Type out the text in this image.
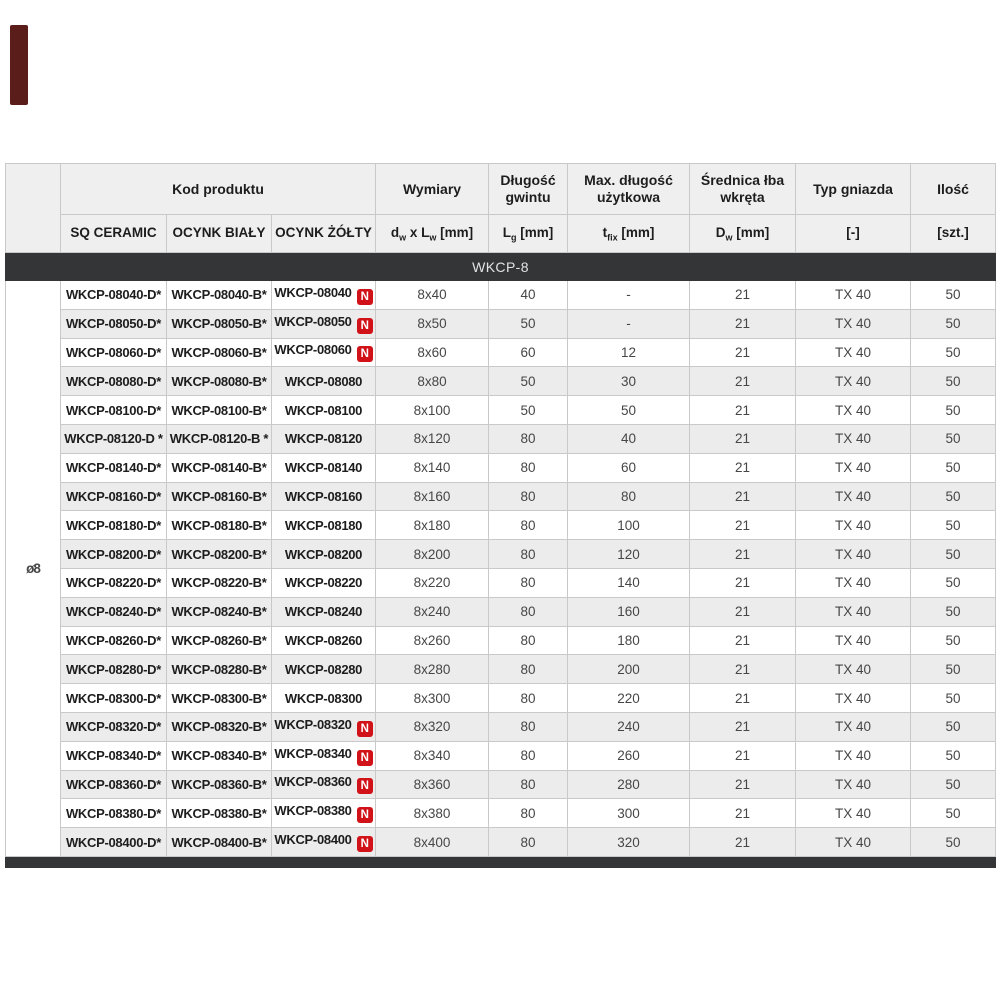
	Kod produktu			Wymiary	Długość gwintu	Max. długość użytkowa	Średnica łba wkręta	Typ gniazda	Ilość
	SQ CERAMIC	OCYNK BIAŁY	OCYNK ŻÓŁTY	$d_w$ x $L_w$ [mm]	$L_g$ [mm]	$t_{fix}$ [mm]	$D_w$ [mm]	[-]	[szt.]
WKCP-8									
ø8	WKCP-08040-D*	WKCP-08040-B*	WKCP-08040 N	8x40	40	-	21	TX 40	50
	WKCP-08050-D*	WKCP-08050-B*	WKCP-08050 N	8x50	50	-	21	TX 40	50
	WKCP-08060-D*	WKCP-08060-B*	WKCP-08060 N	8x60	60	12	21	TX 40	50
	WKCP-08080-D*	WKCP-08080-B*	WKCP-08080	8x80	50	30	21	TX 40	50
	WKCP-08100-D*	WKCP-08100-B*	WKCP-08100	8x100	50	50	21	TX 40	50
	WKCP-08120-D *	WKCP-08120-B *	WKCP-08120	8x120	80	40	21	TX 40	50
	WKCP-08140-D*	WKCP-08140-B*	WKCP-08140	8x140	80	60	21	TX 40	50
	WKCP-08160-D*	WKCP-08160-B*	WKCP-08160	8x160	80	80	21	TX 40	50
	WKCP-08180-D*	WKCP-08180-B*	WKCP-08180	8x180	80	100	21	TX 40	50
	WKCP-08200-D*	WKCP-08200-B*	WKCP-08200	8x200	80	120	21	TX 40	50
	WKCP-08220-D*	WKCP-08220-B*	WKCP-08220	8x220	80	140	21	TX 40	50
	WKCP-08240-D*	WKCP-08240-B*	WKCP-08240	8x240	80	160	21	TX 40	50
	WKCP-08260-D*	WKCP-08260-B*	WKCP-08260	8x260	80	180	21	TX 40	50
	WKCP-08280-D*	WKCP-08280-B*	WKCP-08280	8x280	80	200	21	TX 40	50
	WKCP-08300-D*	WKCP-08300-B*	WKCP-08300	8x300	80	220	21	TX 40	50
	WKCP-08320-D*	WKCP-08320-B*	WKCP-08320 N	8x320	80	240	21	TX 40	50
	WKCP-08340-D*	WKCP-08340-B*	WKCP-08340 N	8x340	80	260	21	TX 40	50
	WKCP-08360-D*	WKCP-08360-B*	WKCP-08360 N	8x360	80	280	21	TX 40	50
	WKCP-08380-D*	WKCP-08380-B*	WKCP-08380 N	8x380	80	300	21	TX 40	50
	WKCP-08400-D*	WKCP-08400-B*	WKCP-08400 N	8x400	80	320	21	TX 40	50
